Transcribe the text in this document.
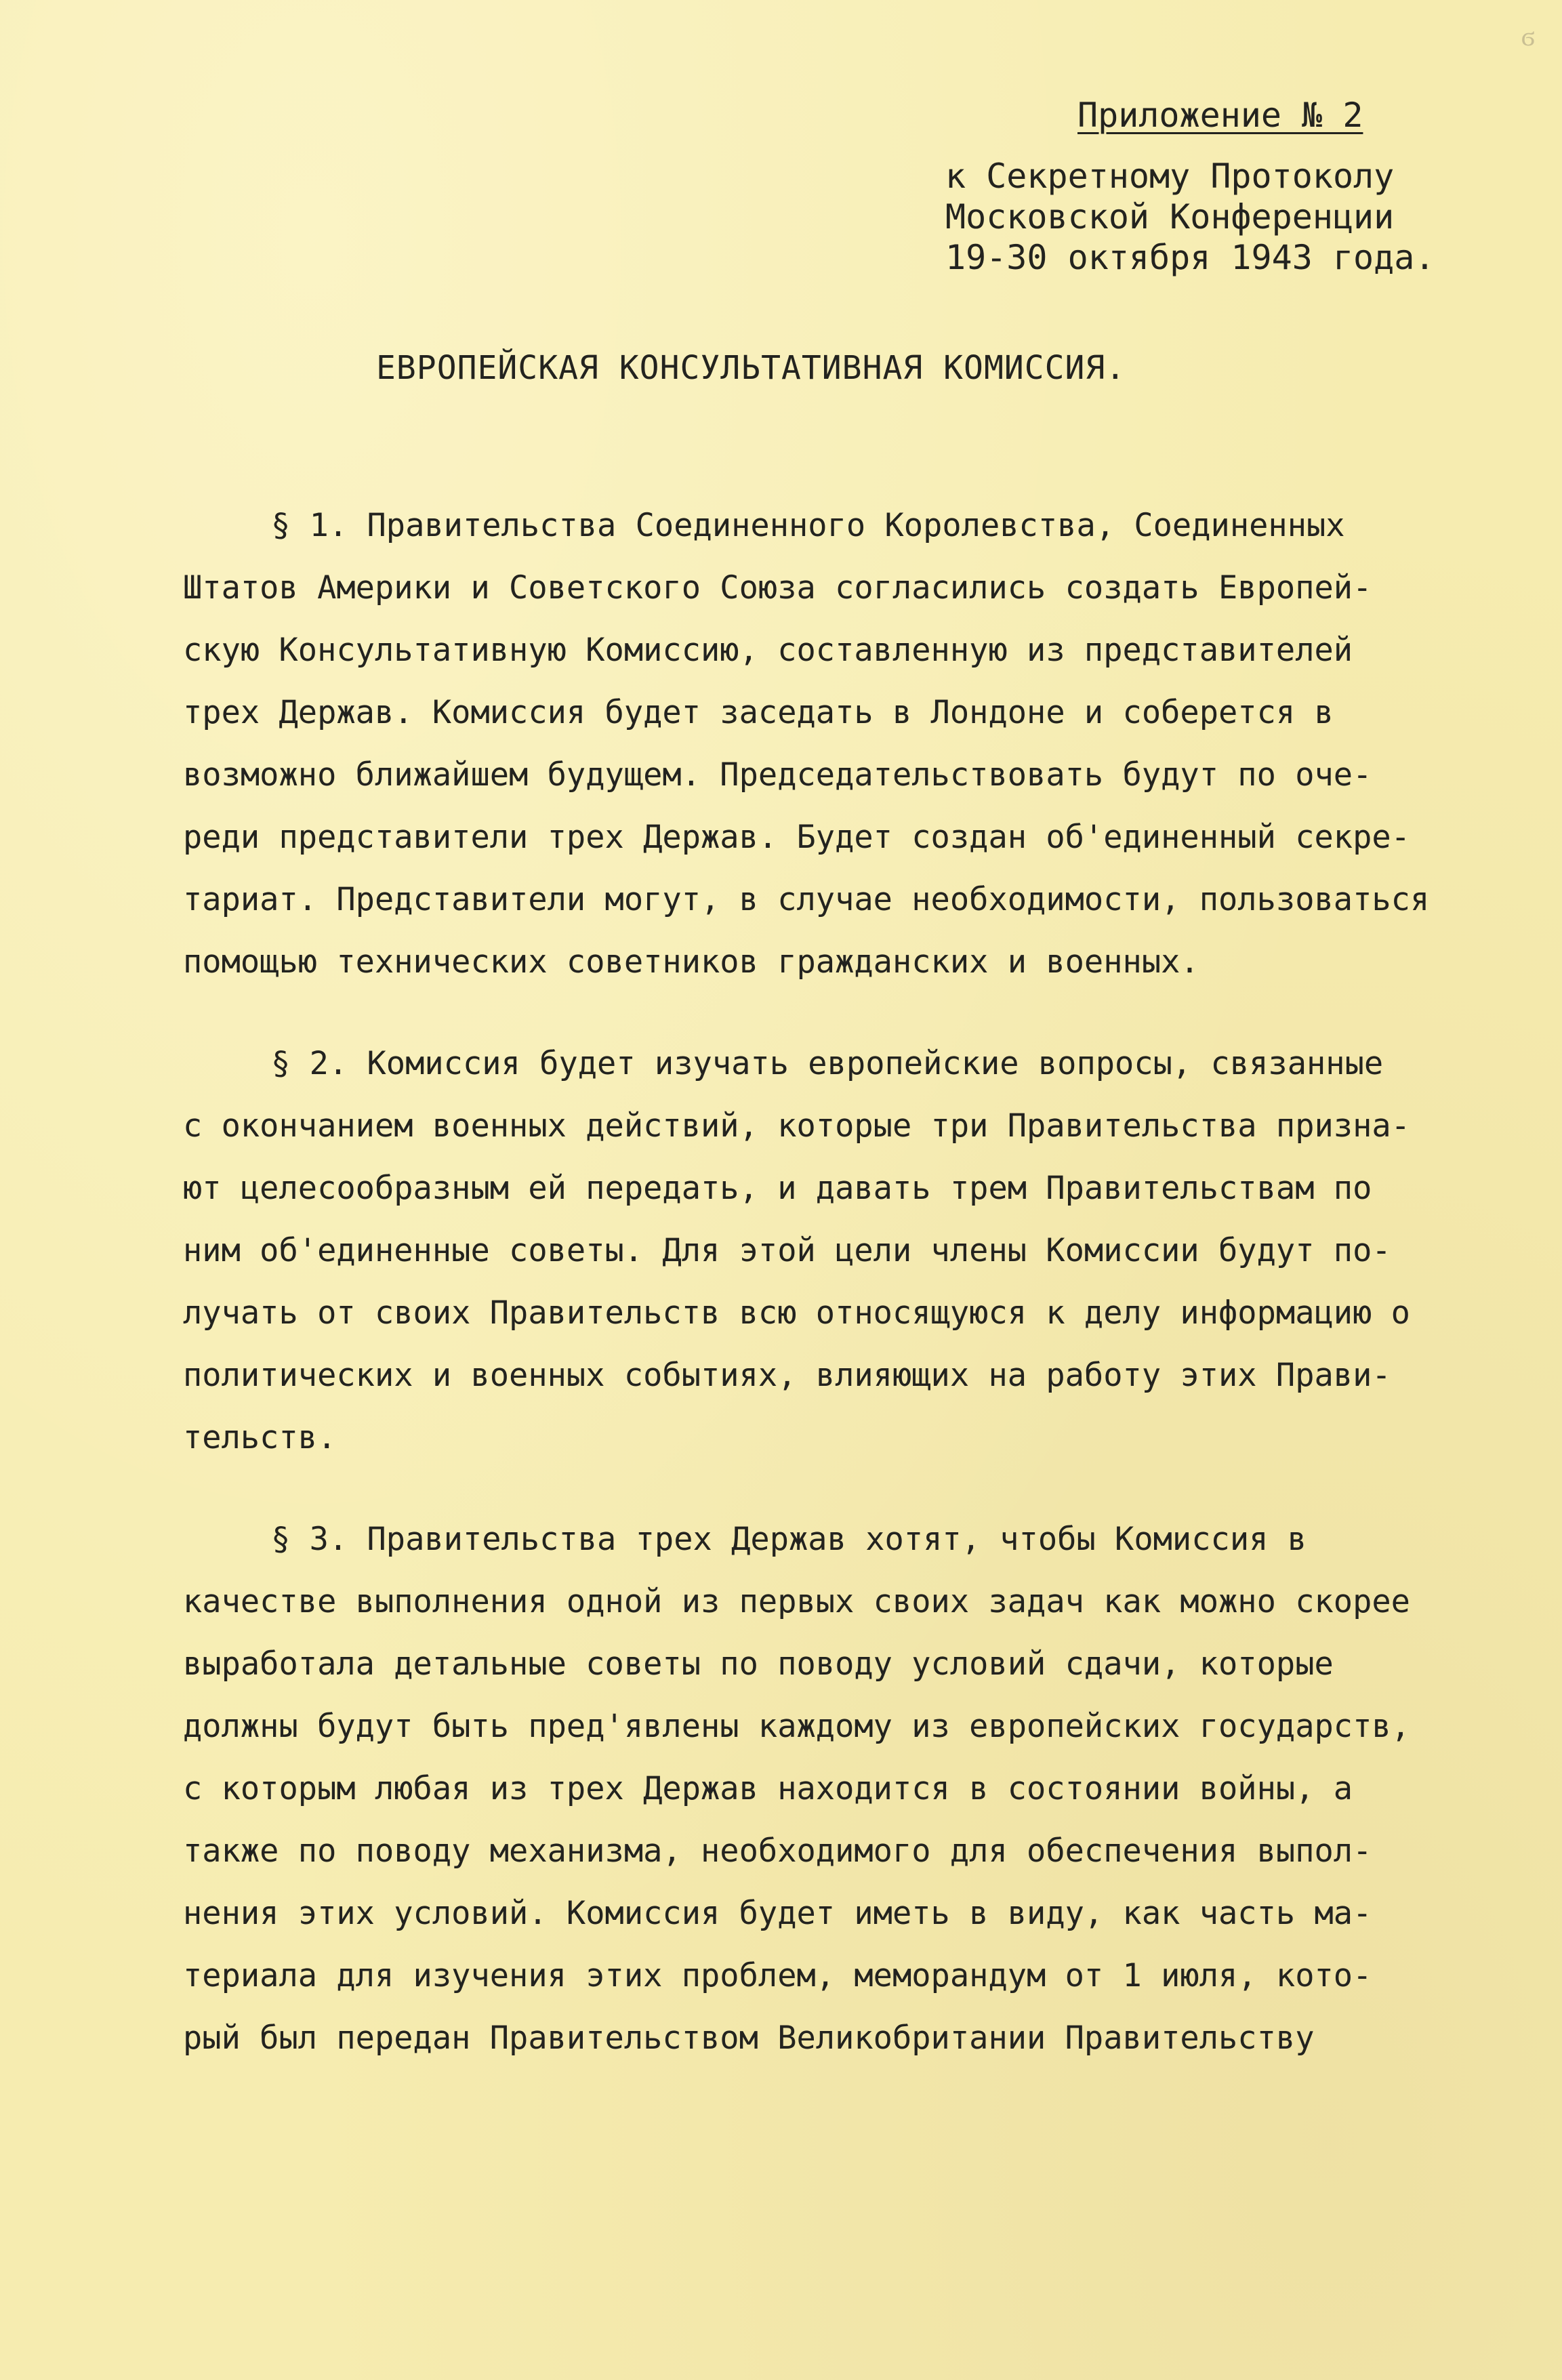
ϭ
Приложение № 2
к Секретному Протоколу
Московской Конференции
19-30 октября 1943 года.
ЕВРОПЕЙСКАЯ КОНСУЛЬТАТИВНАЯ КОМИССИЯ.
§ 1. Правительства Соединенного Королевства, Соединенных
Штатов Америки и Советского Союза согласились создать Европей-
скую Консультативную Комиссию, составленную из представителей
трех Держав. Комиссия будет заседать в Лондоне и соберется в
возможно ближайшем будущем. Председательствовать будут по оче-
реди представители трех Держав. Будет создан об'единенный секре-
тариат. Представители могут, в случае необходимости, пользоваться
помощью технических советников гражданских и военных.
§ 2. Комиссия будет изучать европейские вопросы, связанные
с окончанием военных действий, которые три Правительства призна-
ют целесообразным ей передать, и давать трем Правительствам по
ним об'единенные советы. Для этой цели члены Комиссии будут по-
лучать от своих Правительств всю относящуюся к делу информацию о
политических и военных событиях, влияющих на работу этих Прави-
тельств.
§ 3. Правительства трех Держав хотят, чтобы Комиссия в
качестве выполнения одной из первых своих задач как можно скорее
выработала детальные советы по поводу условий сдачи, которые
должны будут быть пред'явлены каждому из европейских государств,
с которым любая из трех Держав находится в состоянии войны, а
также по поводу механизма, необходимого для обеспечения выпол-
нения этих условий. Комиссия будет иметь в виду, как часть ма-
териала для изучения этих проблем, меморандум от 1 июля, кото-
рый был передан Правительством Великобритании Правительству
